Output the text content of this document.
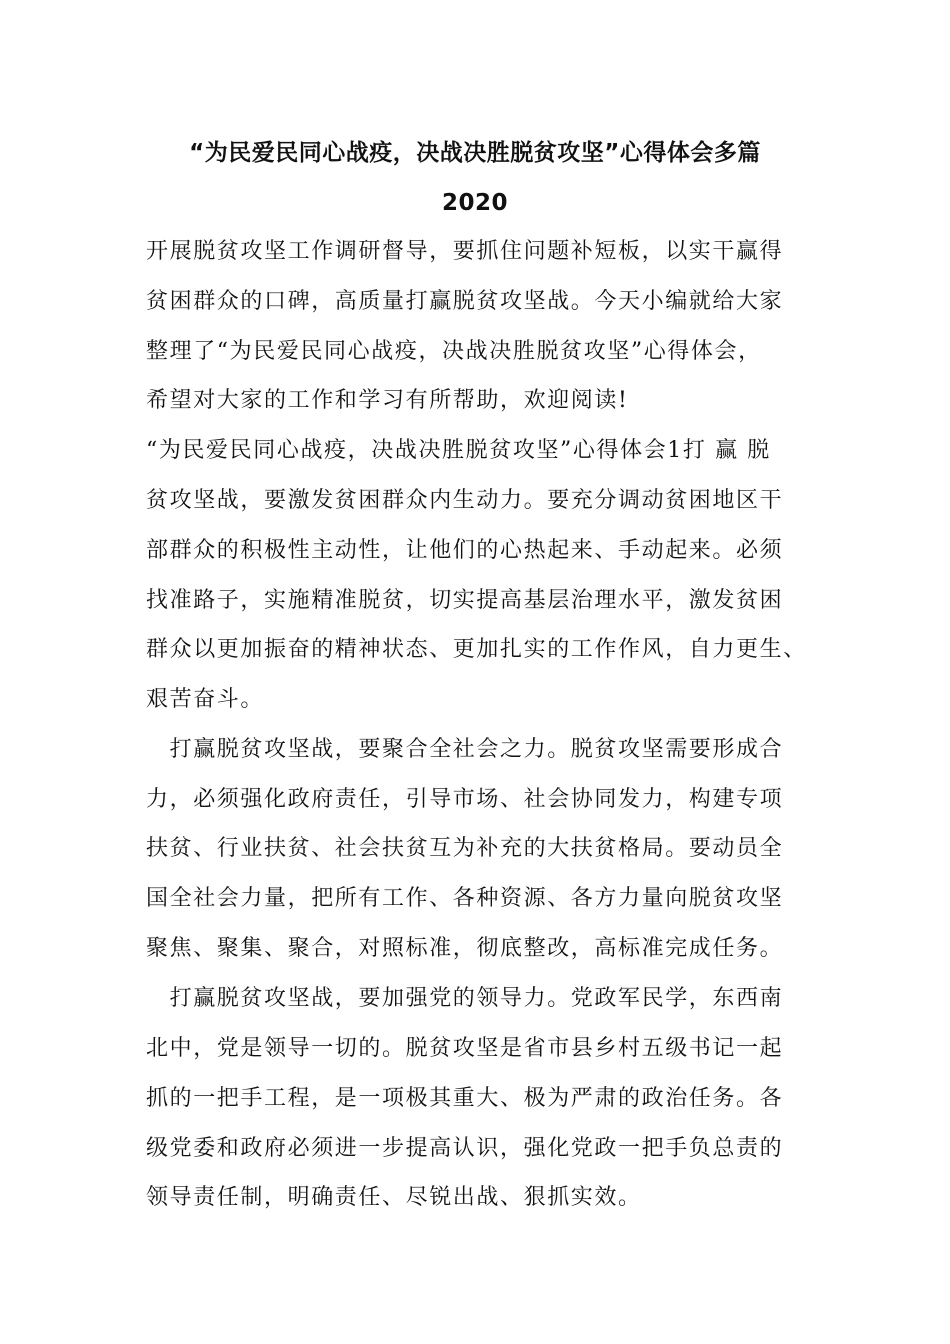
“为民爱民同心战疫，决战决胜脱贫攻坚”心得体会多篇
2020
开展脱贫攻坚工作调研督导，要抓住问题补短板，以实干赢得
贫困群众的口碑，高质量打赢脱贫攻坚战。今天小编就给大家
整理了“为民爱民同心战疫，决战决胜脱贫攻坚”心得体会，
希望对大家的工作和学习有所帮助，欢迎阅读!
“为民爱民同心战疫，决战决胜脱贫攻坚”心得体会1打 赢 脱
贫攻坚战，要激发贫困群众内生动力。要充分调动贫困地区干
部群众的积极性主动性，让他们的心热起来、手动起来。必须
找准路子，实施精准脱贫，切实提高基层治理水平，激发贫困
群众以更加振奋的精神状态、更加扎实的工作作风，自力更生、
艰苦奋斗。
　打赢脱贫攻坚战，要聚合全社会之力。脱贫攻坚需要形成合
力，必须强化政府责任，引导市场、社会协同发力，构建专项
扶贫、行业扶贫、社会扶贫互为补充的大扶贫格局。要动员全
国全社会力量，把所有工作、各种资源、各方力量向脱贫攻坚
聚焦、聚集、聚合，对照标准，彻底整改，高标准完成任务。
　打赢脱贫攻坚战，要加强党的领导力。党政军民学，东西南
北中，党是领导一切的。脱贫攻坚是省市县乡村五级书记一起
抓的一把手工程，是一项极其重大、极为严肃的政治任务。各
级党委和政府必须进一步提高认识，强化党政一把手负总责的
领导责任制，明确责任、尽锐出战、狠抓实效。
